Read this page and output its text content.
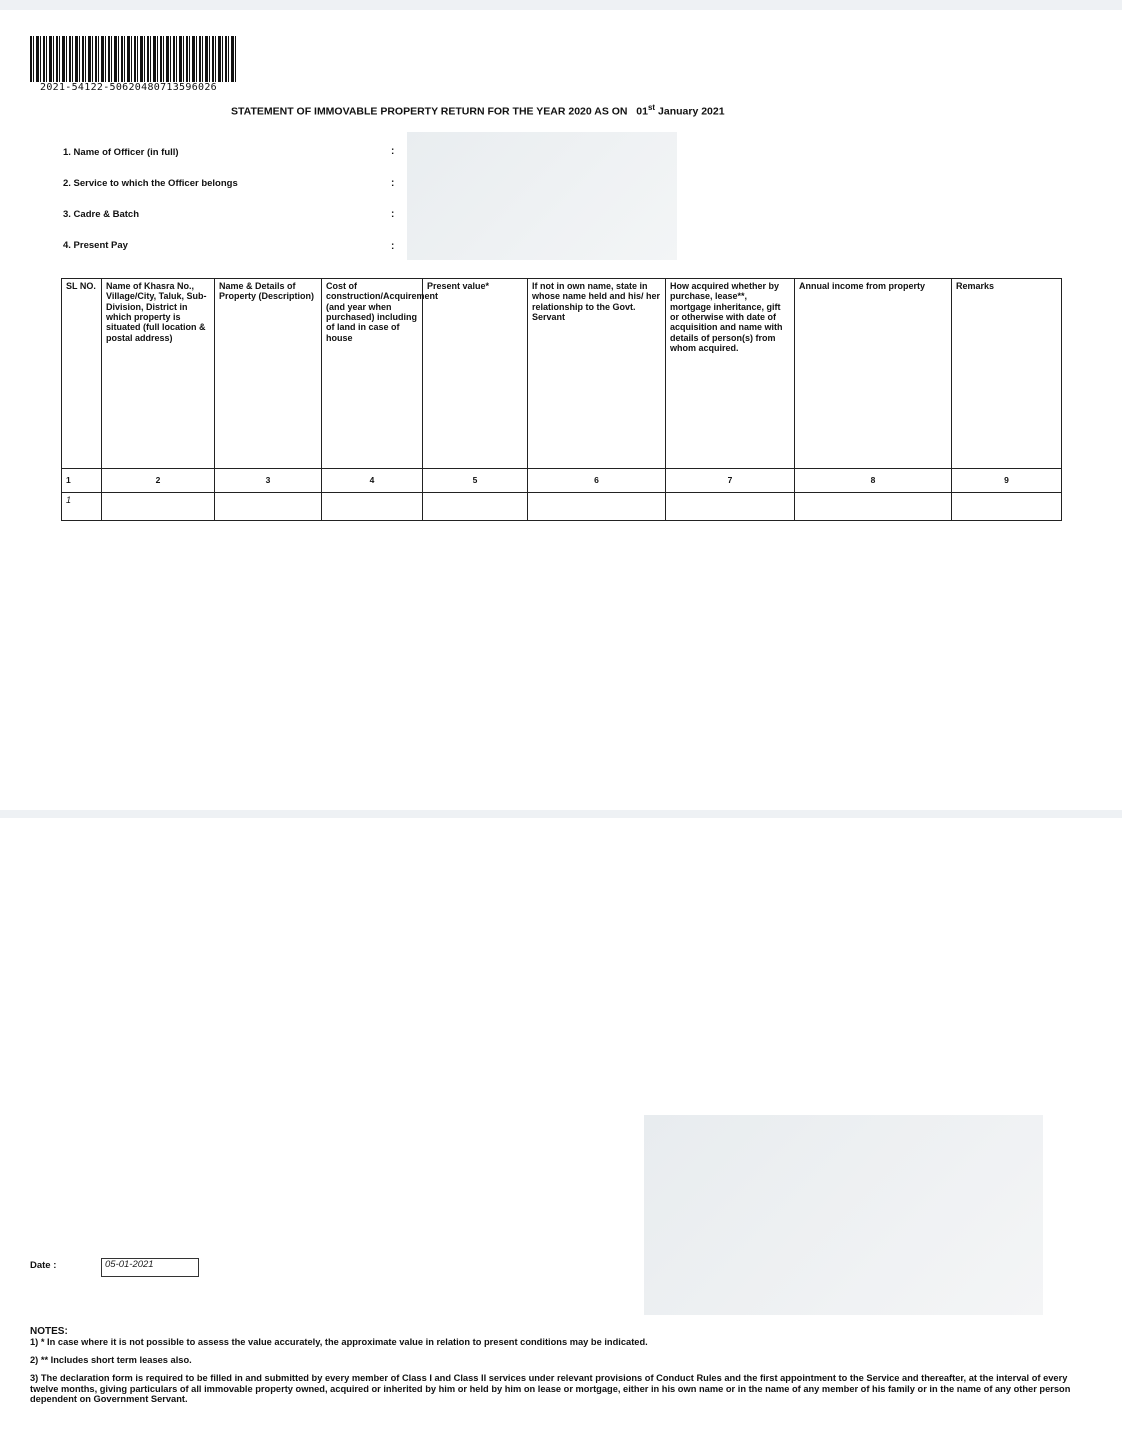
2021-54122-50620480713596026
STATEMENT OF IMMOVABLE PROPERTY RETURN FOR THE YEAR 2020 AS ON 01st January 2021
1. Name of Officer (in full)	:
2. Service to which the Officer belongs	:
3. Cadre & Batch	:
4. Present Pay	:
SL NO.	Name of Khasra No., Village/City, Taluk, Sub-Division, District in which property is situated (full location & postal address)	Name & Details of Property (Description)	Cost of construction/Acquirement (and year when purchased) including of land in case of house	Present value*	If not in own name, state in whose name held and his/ her relationship to the Govt. Servant	How acquired whether by purchase, lease**, mortgage inheritance, gift or otherwise with date of acquisition and name with details of person(s) from whom acquired.	Annual income from property	Remarks
1	2	3	4	5	6	7	8	9
1								
Date :	05-01-2021

NOTES:

1) * In case where it is not possible to assess the value accurately, the approximate value in relation to present conditions may be indicated.

2) ** Includes short term leases also.

3) The declaration form is required to be filled in and submitted by every member of Class I and Class II services under relevant provisions of Conduct Rules and the first appointment to the Service and thereafter, at the interval of every twelve months, giving particulars of all immovable property owned, acquired or inherited by him or held by him on lease or mortgage, either in his own name or in the name of any member of his family or in the name of any other person dependent on Government Servant.
